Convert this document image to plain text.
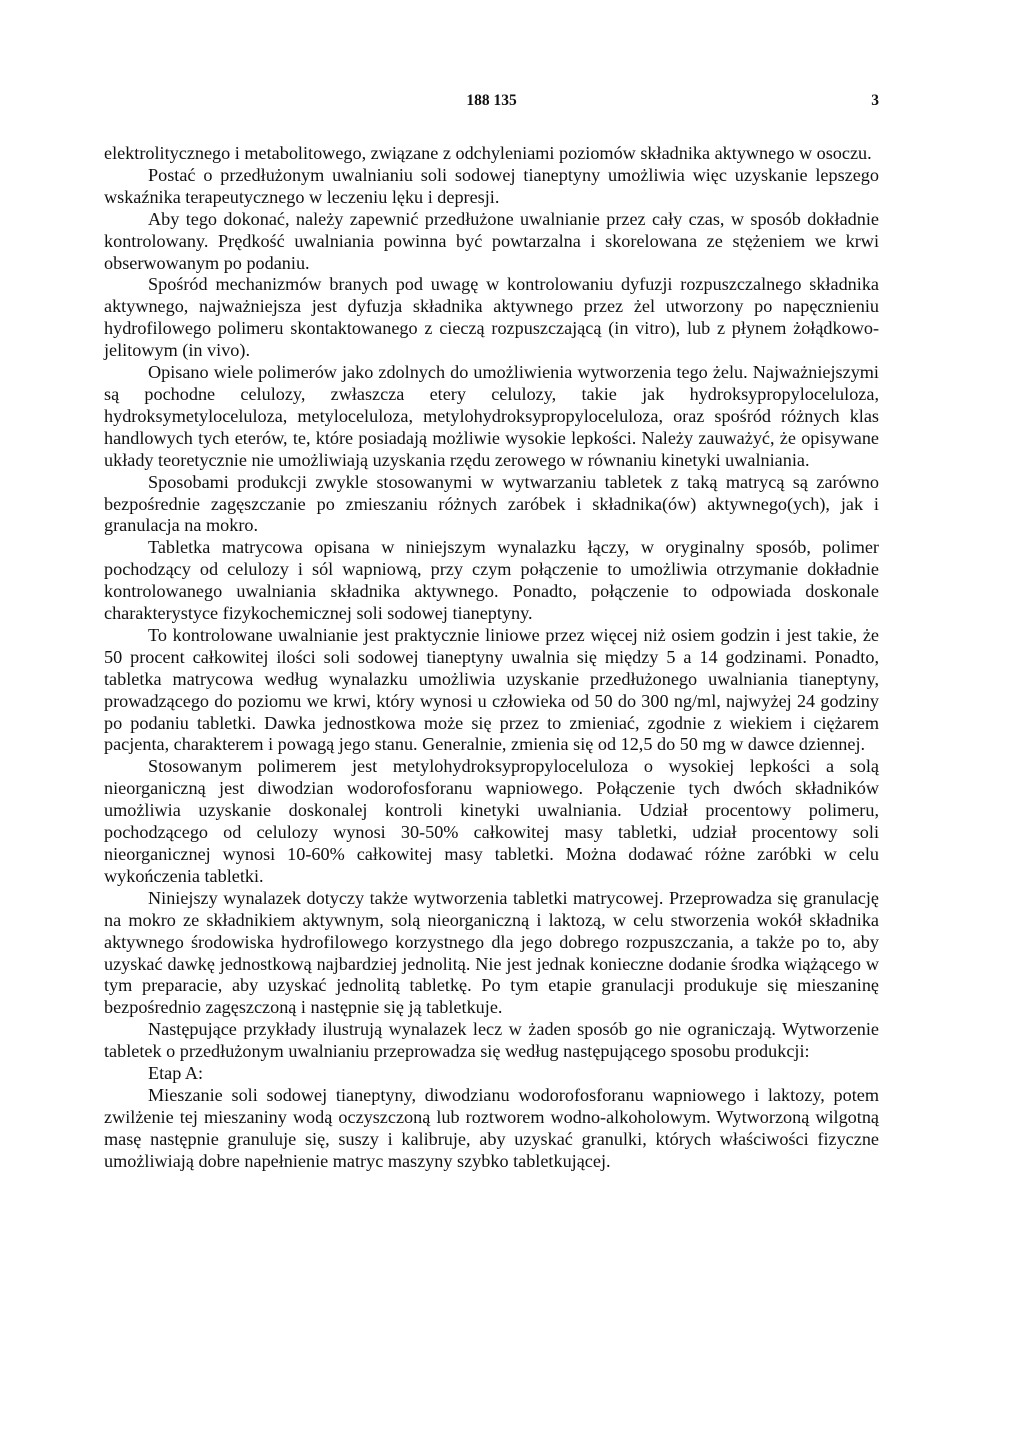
188 135	3

elektrolitycznego i metabolitowego, związane z odchyleniami poziomów składnika aktywnego w osoczu.

Postać o przedłużonym uwalnianiu soli sodowej tianeptyny umożliwia więc uzyskanie lepszego wskaźnika terapeutycznego w leczeniu lęku i depresji.

Aby tego dokonać, należy zapewnić przedłużone uwalnianie przez cały czas, w sposób dokładnie kontrolowany. Prędkość uwalniania powinna być powtarzalna i skorelowana ze stężeniem we krwi obserwowanym po podaniu.

Spośród mechanizmów branych pod uwagę w kontrolowaniu dyfuzji rozpuszczalnego składnika aktywnego, najważniejsza jest dyfuzja składnika aktywnego przez żel utworzony po napęcznieniu hydrofilowego polimeru skontaktowanego z cieczą rozpuszczającą (in vitro), lub z płynem żołądkowo-jelitowym (in vivo).

Opisano wiele polimerów jako zdolnych do umożliwienia wytworzenia tego żelu. Najważniejszymi są pochodne celulozy, zwłaszcza etery celulozy, takie jak hydroksypropyloceluloza, hydroksymetyloceluloza, metyloceluloza, metylohydroksypropyloceluloza, oraz spośród różnych klas handlowych tych eterów, te, które posiadają możliwie wysokie lepkości. Należy zauważyć, że opisywane układy teoretycznie nie umożliwiają uzyskania rzędu zerowego w równaniu kinetyki uwalniania.

Sposobami produkcji zwykle stosowanymi w wytwarzaniu tabletek z taką matrycą są zarówno bezpośrednie zagęszczanie po zmieszaniu różnych zaróbek i składnika(ów) aktywnego(ych), jak i granulacja na mokro.

Tabletka matrycowa opisana w niniejszym wynalazku łączy, w oryginalny sposób, polimer pochodzący od celulozy i sól wapniową, przy czym połączenie to umożliwia otrzymanie dokładnie kontrolowanego uwalniania składnika aktywnego. Ponadto, połączenie to odpowiada doskonale charakterystyce fizykochemicznej soli sodowej tianeptyny.

To kontrolowane uwalnianie jest praktycznie liniowe przez więcej niż osiem godzin i jest takie, że 50 procent całkowitej ilości soli sodowej tianeptyny uwalnia się między 5 a 14 godzinami. Ponadto, tabletka matrycowa według wynalazku umożliwia uzyskanie przedłużonego uwalniania tianeptyny, prowadzącego do poziomu we krwi, który wynosi u człowieka od 50 do 300 ng/ml, najwyżej 24 godziny po podaniu tabletki. Dawka jednostkowa może się przez to zmieniać, zgodnie z wiekiem i ciężarem pacjenta, charakterem i powagą jego stanu. Generalnie, zmienia się od 12,5 do 50 mg w dawce dziennej.

Stosowanym polimerem jest metylohydroksypropyloceluloza o wysokiej lepkości a solą nieorganiczną jest diwodzian wodorofosforanu wapniowego. Połączenie tych dwóch składników umożliwia uzyskanie doskonalej kontroli kinetyki uwalniania. Udział procentowy polimeru, pochodzącego od celulozy wynosi 30-50% całkowitej masy tabletki, udział procentowy soli nieorganicznej wynosi 10-60% całkowitej masy tabletki. Można dodawać różne zaróbki w celu wykończenia tabletki.

Niniejszy wynalazek dotyczy także wytworzenia tabletki matrycowej. Przeprowadza się granulację na mokro ze składnikiem aktywnym, solą nieorganiczną i laktozą, w celu stworzenia wokół składnika aktywnego środowiska hydrofilowego korzystnego dla jego dobrego rozpuszczania, a także po to, aby uzyskać dawkę jednostkową najbardziej jednolitą. Nie jest jednak konieczne dodanie środka wiążącego w tym preparacie, aby uzyskać jednolitą tabletkę. Po tym etapie granulacji produkuje się mieszaninę bezpośrednio zagęszczoną i następnie się ją tabletkuje.

Następujące przykłady ilustrują wynalazek lecz w żaden sposób go nie ograniczają. Wytworzenie tabletek o przedłużonym uwalnianiu przeprowadza się według następującego sposobu produkcji:

Etap A:

Mieszanie soli sodowej tianeptyny, diwodzianu wodorofosforanu wapniowego i laktozy, potem zwilżenie tej mieszaniny wodą oczyszczoną lub roztworem wodno-alkoholowym. Wytworzoną wilgotną masę następnie granuluje się, suszy i kalibruje, aby uzyskać granulki, których właściwości fizyczne umożliwiają dobre napełnienie matryc maszyny szybko tabletkującej.
